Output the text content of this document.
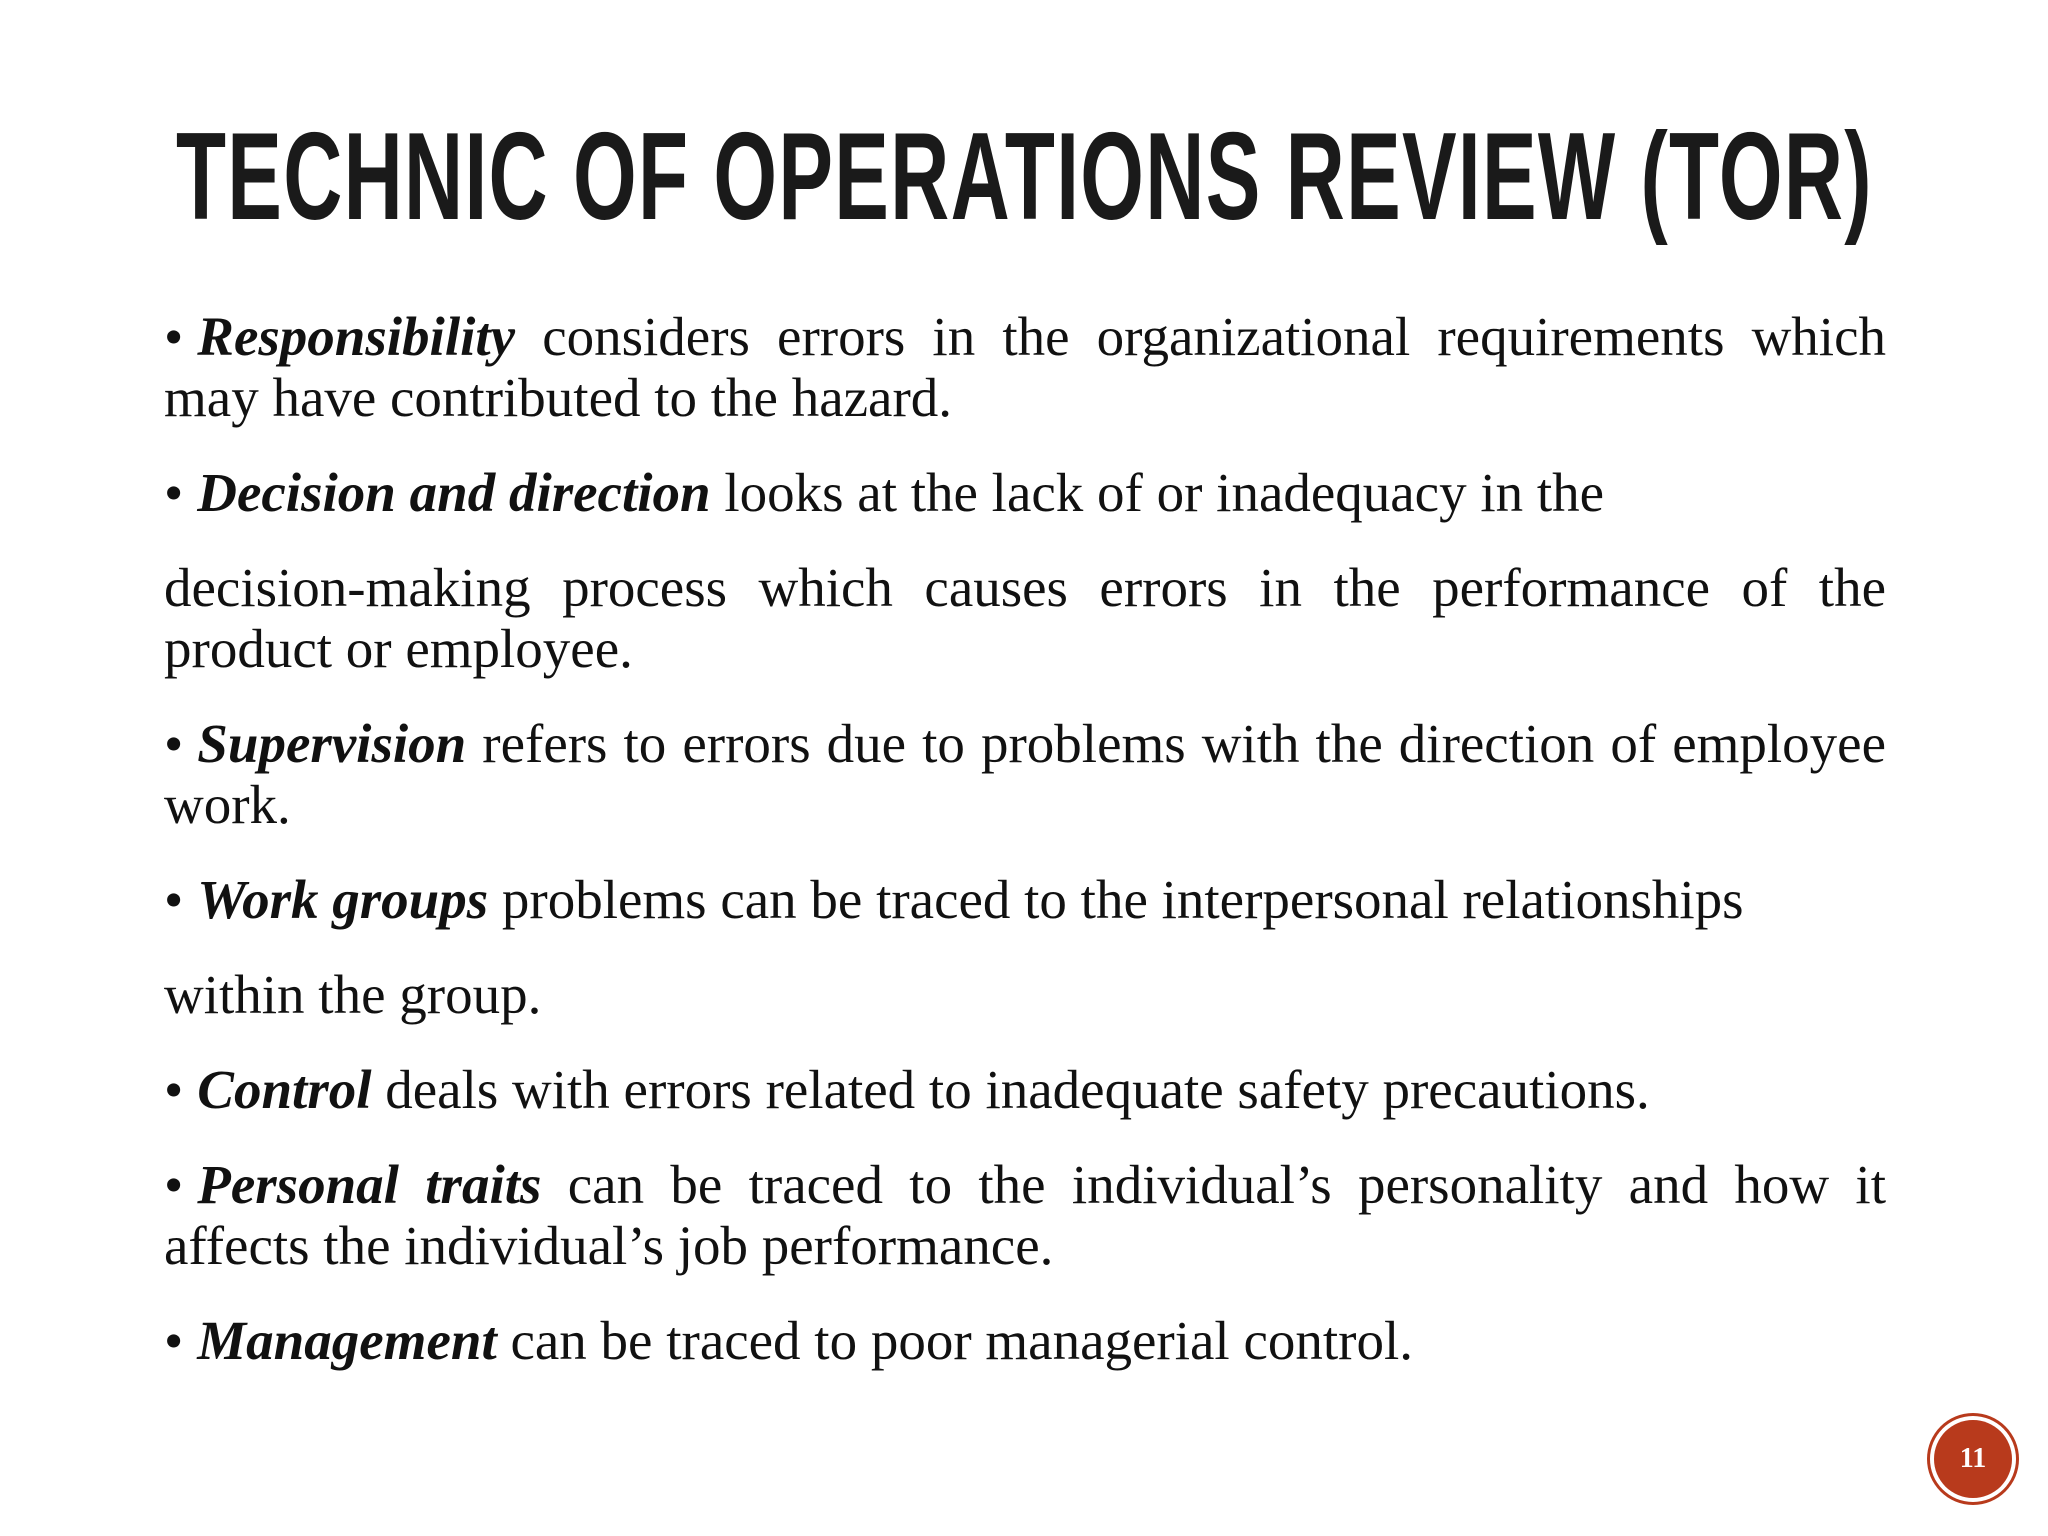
TECHNIC OF OPERATIONS REVIEW (TOR)

• Responsibility considers errors in the organizational requirements which may have contributed to the hazard.

• Decision and direction looks at the lack of or inadequacy in the

decision-making process which causes errors in the performance of the product or employee.

• Supervision refers to errors due to problems with the direction of employee work.

• Work groups problems can be traced to the interpersonal relationships

within the group.

• Control deals with errors related to inadequate safety precautions.

• Personal traits can be traced to the individual’s personality and how it affects the individual’s job performance.

• Management can be traced to poor managerial control.

11
